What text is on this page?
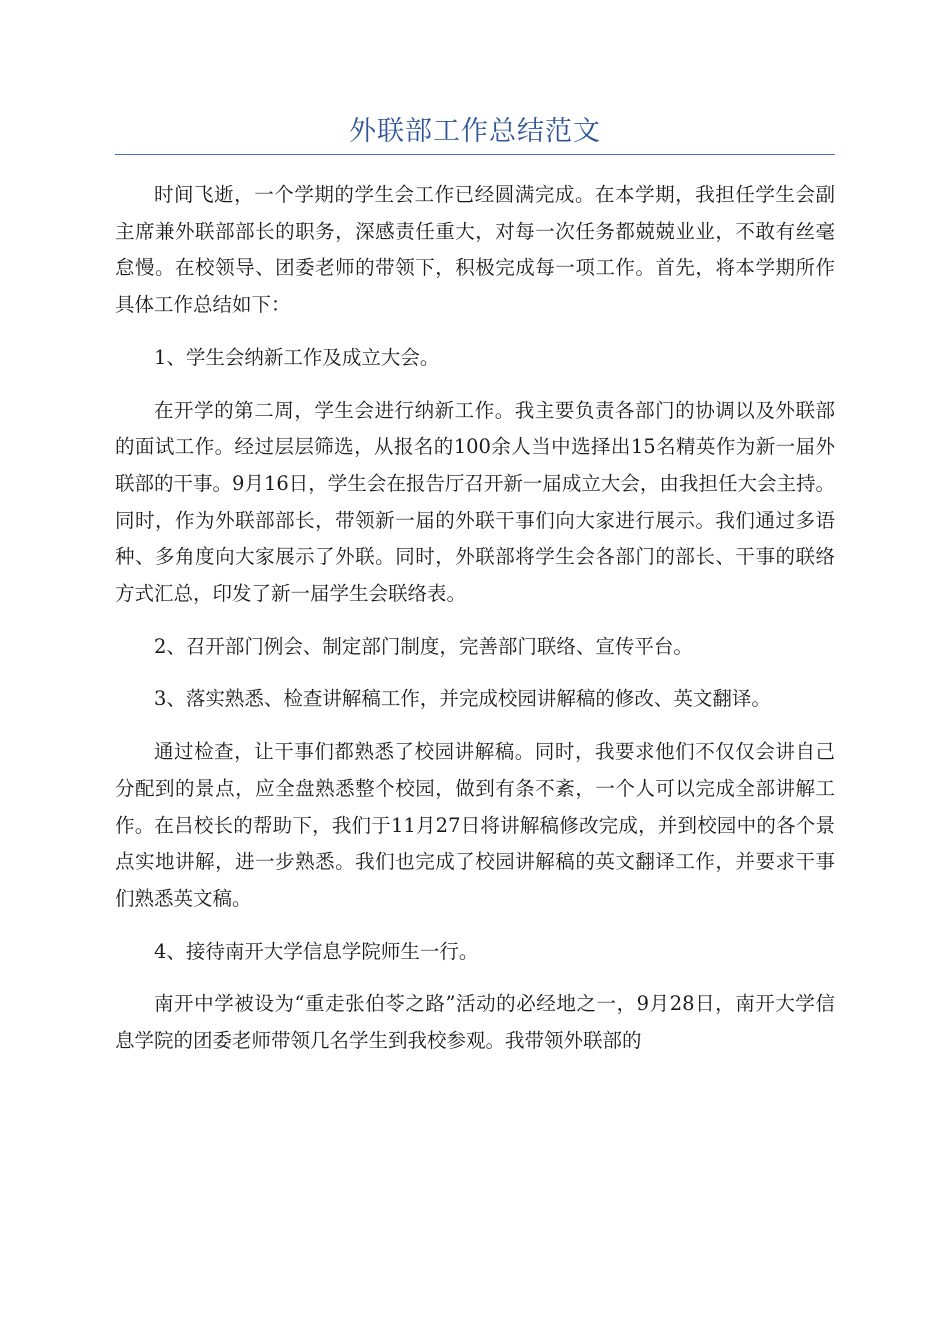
外联部工作总结范文

时间飞逝，一个学期的学生会工作已经圆满完成。在本学期，我担任学生会副主席兼外联部部长的职务，深感责任重大，对每一次任务都兢兢业业，不敢有丝毫怠慢。在校领导、团委老师的带领下，积极完成每一项工作。首先，将本学期所作具体工作总结如下：

1、学生会纳新工作及成立大会。

在开学的第二周，学生会进行纳新工作。我主要负责各部门的协调以及外联部的面试工作。经过层层筛选，从报名的100余人当中选择出15名精英作为新一届外联部的干事。9月16日，学生会在报告厅召开新一届成立大会，由我担任大会主持。同时，作为外联部部长，带领新一届的外联干事们向大家进行展示。我们通过多语种、多角度向大家展示了外联。同时，外联部将学生会各部门的部长、干事的联络方式汇总，印发了新一届学生会联络表。

2、召开部门例会、制定部门制度，完善部门联络、宣传平台。

3、落实熟悉、检查讲解稿工作，并完成校园讲解稿的修改、英文翻译。

通过检查，让干事们都熟悉了校园讲解稿。同时，我要求他们不仅仅会讲自己分配到的景点，应全盘熟悉整个校园，做到有条不紊，一个人可以完成全部讲解工作。在吕校长的帮助下，我们于11月27日将讲解稿修改完成，并到校园中的各个景点实地讲解，进一步熟悉。我们也完成了校园讲解稿的英文翻译工作，并要求干事们熟悉英文稿。

4、接待南开大学信息学院师生一行。

南开中学被设为“重走张伯苓之路”活动的必经地之一，9月28日，南开大学信息学院的团委老师带领几名学生到我校参观。我带领外联部的
